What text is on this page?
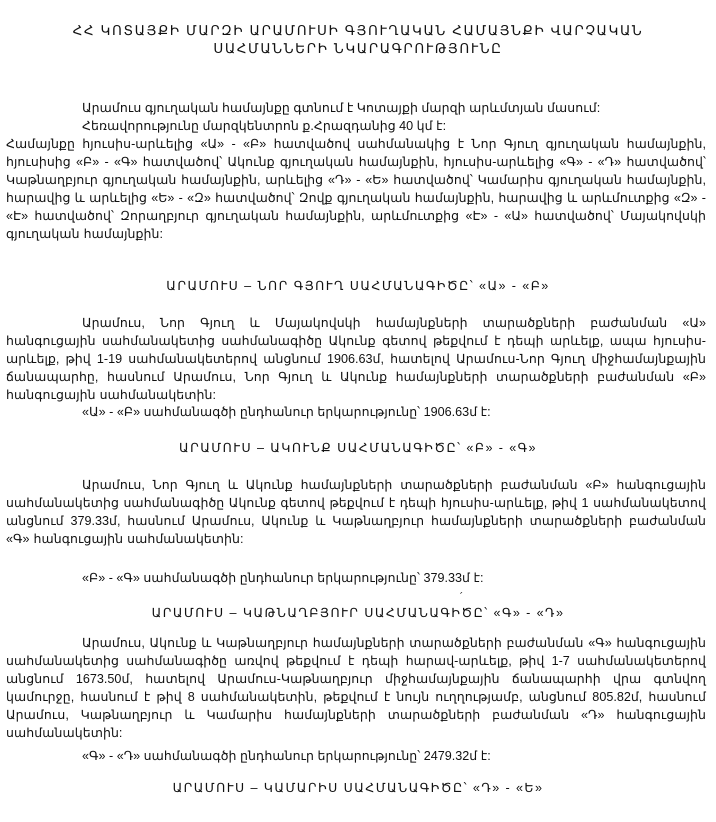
ՀՀ ԿՈՏԱՅՔԻ ՄԱՐԶԻ ԱՐԱՄՈՒՍԻ ԳՅՈՒՂԱԿԱՆ ՀԱՄԱՅՆՔԻ ՎԱՐՉԱԿԱՆ
ՍԱՀՄԱՆՆԵՐԻ ՆԿԱՐԱԳՐՈՒԹՅՈՒՆԸ
Արամուս գյուղական համայնքը գտնում է Կոտայքի մարզի արևմտյան մասում:
Հեռավորությունը մարզկենտրոն ք.Հրազդանից 40 կմ է:

Համայնքը հյուսիս-արևելից «Ա» - «Բ» հատվածով սահմանակից է Նոր Գյուղ գյուղական համայնքին, հյուսիսից «Բ» - «Գ» հատվածով՝ Ակունք գյուղական համայնքին, հյուսիս-արևելից «Գ» - «Դ» հատվածով՝ Կաթնաղբյուր գյուղական համայնքին, արևելից «Դ» - «Ե» հատվածով՝ Կամարիս գյուղական համայնքին, հարավից և արևելից «Ե» - «Զ» հատվածով՝ Զովք գյուղական համայնքին, հարավից և արևմուտքից «Զ» - «Է» հատվածով՝ Զորաղբյուր գյուղական համայնքին, արևմուտքից «Է» - «Ա» հատվածով՝ Մայակովսկի գյուղական համայնքին:

ԱՐԱՄՈՒՍ – ՆՈՐ ԳՅՈՒՂ ՍԱՀՄԱՆԱԳԻԾԸ՝ «Ա» - «Բ»

Արամուս, Նոր Գյուղ և Մայակովսկի համայնքների տարածքների բաժանման «Ա» հանգուցային սահմանակետից սահմանագիծը Ակունք գետով թեքվում է դեպի արևելք, ապա հյուսիս-արևելք, թիվ 1-19 սահմանակետերով անցնում 1906.63մ, հատելով Արամուս-Նոր Գյուղ միջհամայնքային ճանապարհը, հասնում Արամուս, Նոր Գյուղ և Ակունք համայնքների տարածքների բաժանման «Բ» հանգուցային սահմանակետին:

«Ա» - «Բ» սահմանագծի ընդհանուր երկարությունը՝ 1906.63մ է:
ԱՐԱՄՈՒՍ – ԱԿՈՒՆՔ ՍԱՀՄԱՆԱԳԻԾԸ՝ «Բ» - «Գ»

Արամուս, Նոր Գյուղ և Ակունք համայնքների տարածքների բաժանման «Բ» հանգուցային սահմանակետից սահմանագիծը Ակունք գետով թեքվում է դեպի հյուսիս-արևելք, թիվ 1 սահմանակետով անցնում 379.33մ, հասնում Արամուս, Ակունք և Կաթնաղբյուր համայնքների տարածքների բաժանման «Գ» հանգուցային սահմանակետին:

«Բ» - «Գ» սահմանագծի ընդհանուր երկարությունը՝ 379.33մ է:
՛
ԱՐԱՄՈՒՍ – ԿԱԹՆԱՂԲՅՈՒՐ ՍԱՀՄԱՆԱԳԻԾԸ՝ «Գ» - «Դ»

Արամուս, Ակունք և Կաթնաղբյուր համայնքների տարածքների բաժանման «Գ» հանգուցային սահմանակետից սահմանագիծը առվով թեքվում է դեպի հարավ-արևելք, թիվ 1-7 սահմանակետերով անցնում 1673.50մ, հատելով Արամուս-Կաթնաղբյուր միջհամայնքային ճանապարհի վրա գտնվող կամուրջը, հասնում է թիվ 8 սահմանակետին, թեքվում է նույն ուղղությամբ, անցնում 805.82մ, հասնում Արամուս, Կաթնաղբյուր և Կամարիս համայնքների տարածքների բաժանման «Դ» հանգուցային սահմանակետին:

«Գ» - «Դ» սահմանագծի ընդհանուր երկարությունը՝ 2479.32մ է:
ԱՐԱՄՈՒՍ – ԿԱՄԱՐԻՍ ՍԱՀՄԱՆԱԳԻԾԸ՝ «Դ» - «Ե»
